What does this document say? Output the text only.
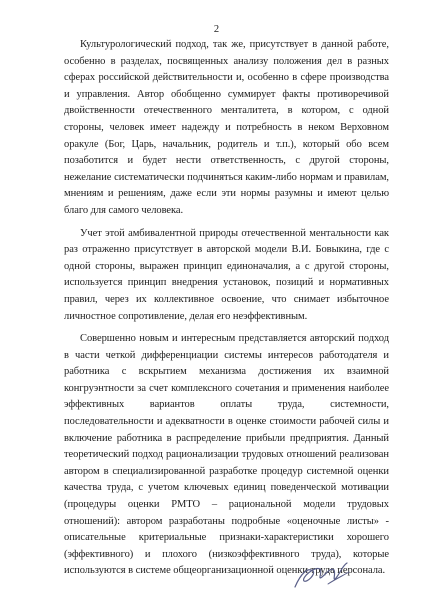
2

Культурологический подход, так же, присутствует в данной работе, особенно в разделах, посвященных анализу положения дел в разных сферах российской действительности и, особенно в сфере производства и управления. Автор обобщенно суммирует факты противоречивой двойственности отечественного менталитета, в котором, с одной стороны, человек имеет надежду и потребность в неком Верховном оракуле (Бог, Царь, начальник, родитель и т.п.), который обо всем позаботится и будет нести ответственность, с другой стороны, нежелание систематически подчиняться каким-либо нормам и правилам, мнениям и решениям, даже если эти нормы разумны и имеют целью благо для самого человека.

Учет этой амбивалентной природы отечественной ментальности как раз отраженно присутствует в авторской модели В.И. Бовыкина, где с одной стороны, выражен принцип единоначалия, а с другой стороны, используется принцип внедрения установок, позиций и нормативных правил, через их коллективное освоение, что снимает избыточное личностное сопротивление, делая его неэффективным.

Совершенно новым и интересным представляется авторский подход в части четкой дифференциации системы интересов работодателя и работника с вскрытием механизма достижения их взаимной конгруэнтности за счет комплексного сочетания и применения наиболее эффективных вариантов оплаты труда, системности, последовательности и адекватности в оценке стоимости рабочей силы и включение работника в распределение прибыли предприятия. Данный теоретический подход рационализации трудовых отношений реализован автором в специализированной разработке процедур системной оценки качества труда, с учетом ключевых единиц поведенческой мотивации (процедуры оценки РМТО – рациональной модели трудовых отношений): автором разработаны подробные «оценочные листы» - описательные критериальные признаки-характеристики хорошего (эффективного) и плохого (низкоэффективного труда), которые используются в системе общеорганизационной оценки труда персонала.
